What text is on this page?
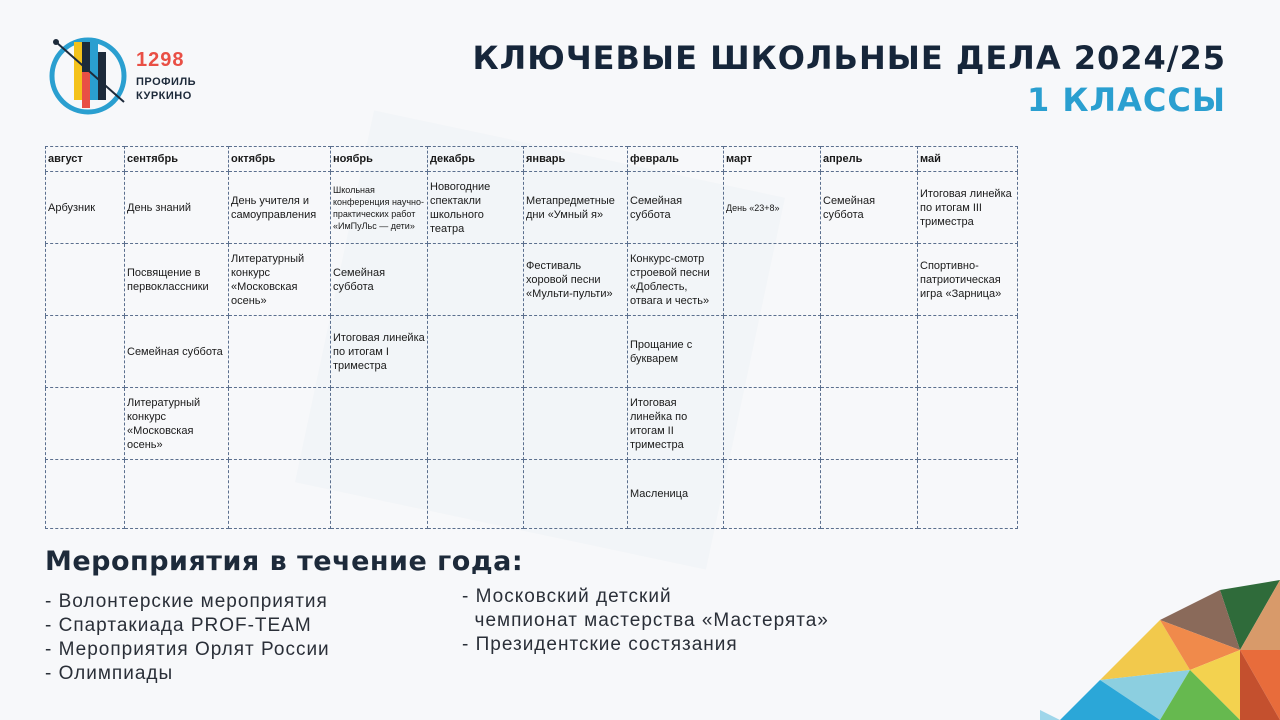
1298
ПРОФИЛЬ
КУРКИНО
КЛЮЧЕВЫЕ ШКОЛЬНЫЕ ДЕЛА 2024/25
1 КЛАССЫ
август	сентябрь	октябрь	ноябрь	декабрь	январь	февраль	март	апрель	май
Арбузник	День знаний	День учителя и самоуправления	Школьная конференция научно-практических работ «ИмПуЛьс — дети»	Новогодние спектакли школьного театра	Метапредметные дни «Умный я»	Семейная суббота	День «23+8»	Семейная суббота	Итоговая линейка по итогам III триместра
	Посвящение в первоклассники	Литературный конкурс «Московская осень»	Семейная суббота		Фестиваль хоровой песни «Мульти-пульти»	Конкурс-смотр строевой песни «Доблесть, отвага и честь»			Спортивно-патриотическая игра «Зарница»
	Семейная суббота		Итоговая линейка по итогам I триместра			Прощание с букварем			
	Литературный конкурс «Московская осень»					Итоговая линейка по итогам II триместра			
						Масленица			
Мероприятия в течение года:
- Волонтерские мероприятия
- Спартакиада PROF-TEAM
- Мероприятия Орлят России
- Олимпиады
- Московский детский
чемпионат мастерства «Мастерята»
- Президентские состязания
